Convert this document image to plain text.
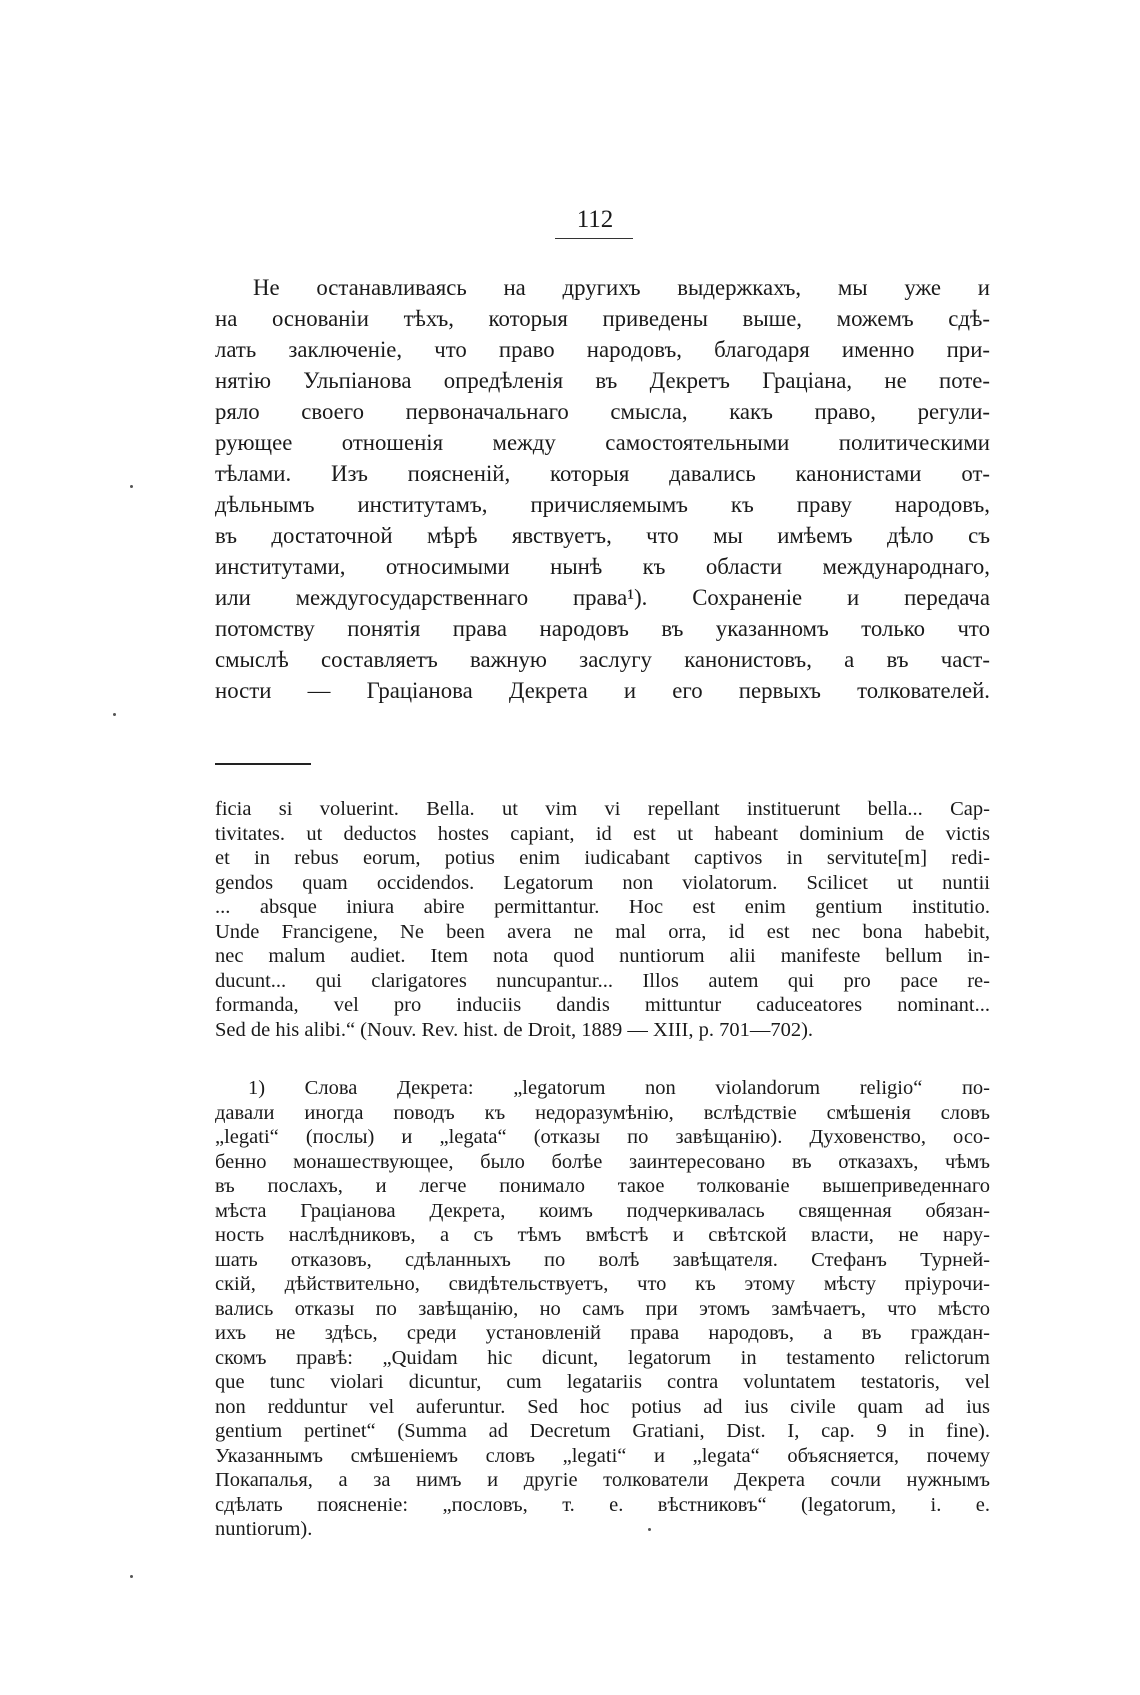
112
Не останавливаясь на другихъ выдержкахъ, мы уже и
на основаніи тѣхъ, которыя приведены выше, можемъ сдѣ-
лать заключеніе, что право народовъ, благодаря именно при-
нятію Ульпіанова опредѣленія въ Декретъ Граціана, не поте-
ряло своего первоначальнаго смысла, какъ право, регули-
рующее отношенія между самостоятельными политическими
тѣлами. Изъ поясненій, которыя давались канонистами от-
дѣльнымъ институтамъ, причисляемымъ къ праву народовъ,
въ достаточной мѣрѣ явствуетъ, что мы имѣемъ дѣло съ
институтами, относимыми нынѣ къ области международнаго,
или междугосударственнаго права¹). Сохраненіе и передача
потомству понятія права народовъ въ указанномъ только что
смыслѣ составляетъ важную заслугу канонистовъ, а въ част-
ности — Граціанова Декрета и его первыхъ толкователей.
ficia si voluerint. Bella. ut vim vi repellant instituerunt bella... Cap-
tivitates. ut deductos hostes capiant, id est ut habeant dominium de victis
et in rebus eorum, potius enim iudicabant captivos in servitute[m] redi-
gendos quam occidendos. Legatorum non violatorum. Scilicet ut nuntii
... absque iniura abire permittantur. Hoc est enim gentium institutio.
Unde Francigene, Ne been avera ne mal orra, id est nec bona habebit,
nec malum audiet. Item nota quod nuntiorum alii manifeste bellum in-
ducunt... qui clarigatores nuncupantur... Illos autem qui pro pace re-
formanda, vel pro induciis dandis mittuntur caduceatores nominant...
Sed de his alibi.“ (Nouv. Rev. hist. de Droit, 1889 — XIII, p. 701—702).
1) Слова Декрета: „legatorum non violandorum religio“ по-
давали иногда поводъ къ недоразумѣнію, вслѣдствіе смѣшенія словъ
„legati“ (послы) и „legata“ (отказы по завѣщанію). Духовенство, осо-
бенно монашествующее, было болѣе заинтересовано въ отказахъ, чѣмъ
въ послахъ, и легче понимало такое толкованіе вышеприведеннаго
мѣста Граціанова Декрета, коимъ подчеркивалась священная обязан-
ность наслѣдниковъ, а съ тѣмъ вмѣстѣ и свѣтской власти, не нару-
шать отказовъ, сдѣланныхъ по волѣ завѣщателя. Стефанъ Турней-
скій, дѣйствительно, свидѣтельствуетъ, что къ этому мѣсту пріурочи-
вались отказы по завѣщанію, но самъ при этомъ замѣчаетъ, что мѣсто
ихъ не здѣсь, среди установленій права народовъ, а въ граждан-
скомъ правѣ: „Quidam hic dicunt, legatorum in testamento relictorum
que tunc violari dicuntur, cum legatariis contra voluntatem testatoris, vel
non redduntur vel auferuntur. Sed hoc potius ad ius civile quam ad ius
gentium pertinet“ (Summa ad Decretum Gratiani, Dist. I, cap. 9 in fine).
Указаннымъ смѣшеніемъ словъ „legati“ и „legata“ объясняется, почему
Покапалья, а за нимъ и другіе толкователи Декрета сочли нужнымъ
сдѣлать поясненіе: „пословъ, т. е. вѣстниковъ“ (legatorum, i. e.
nuntiorum).
